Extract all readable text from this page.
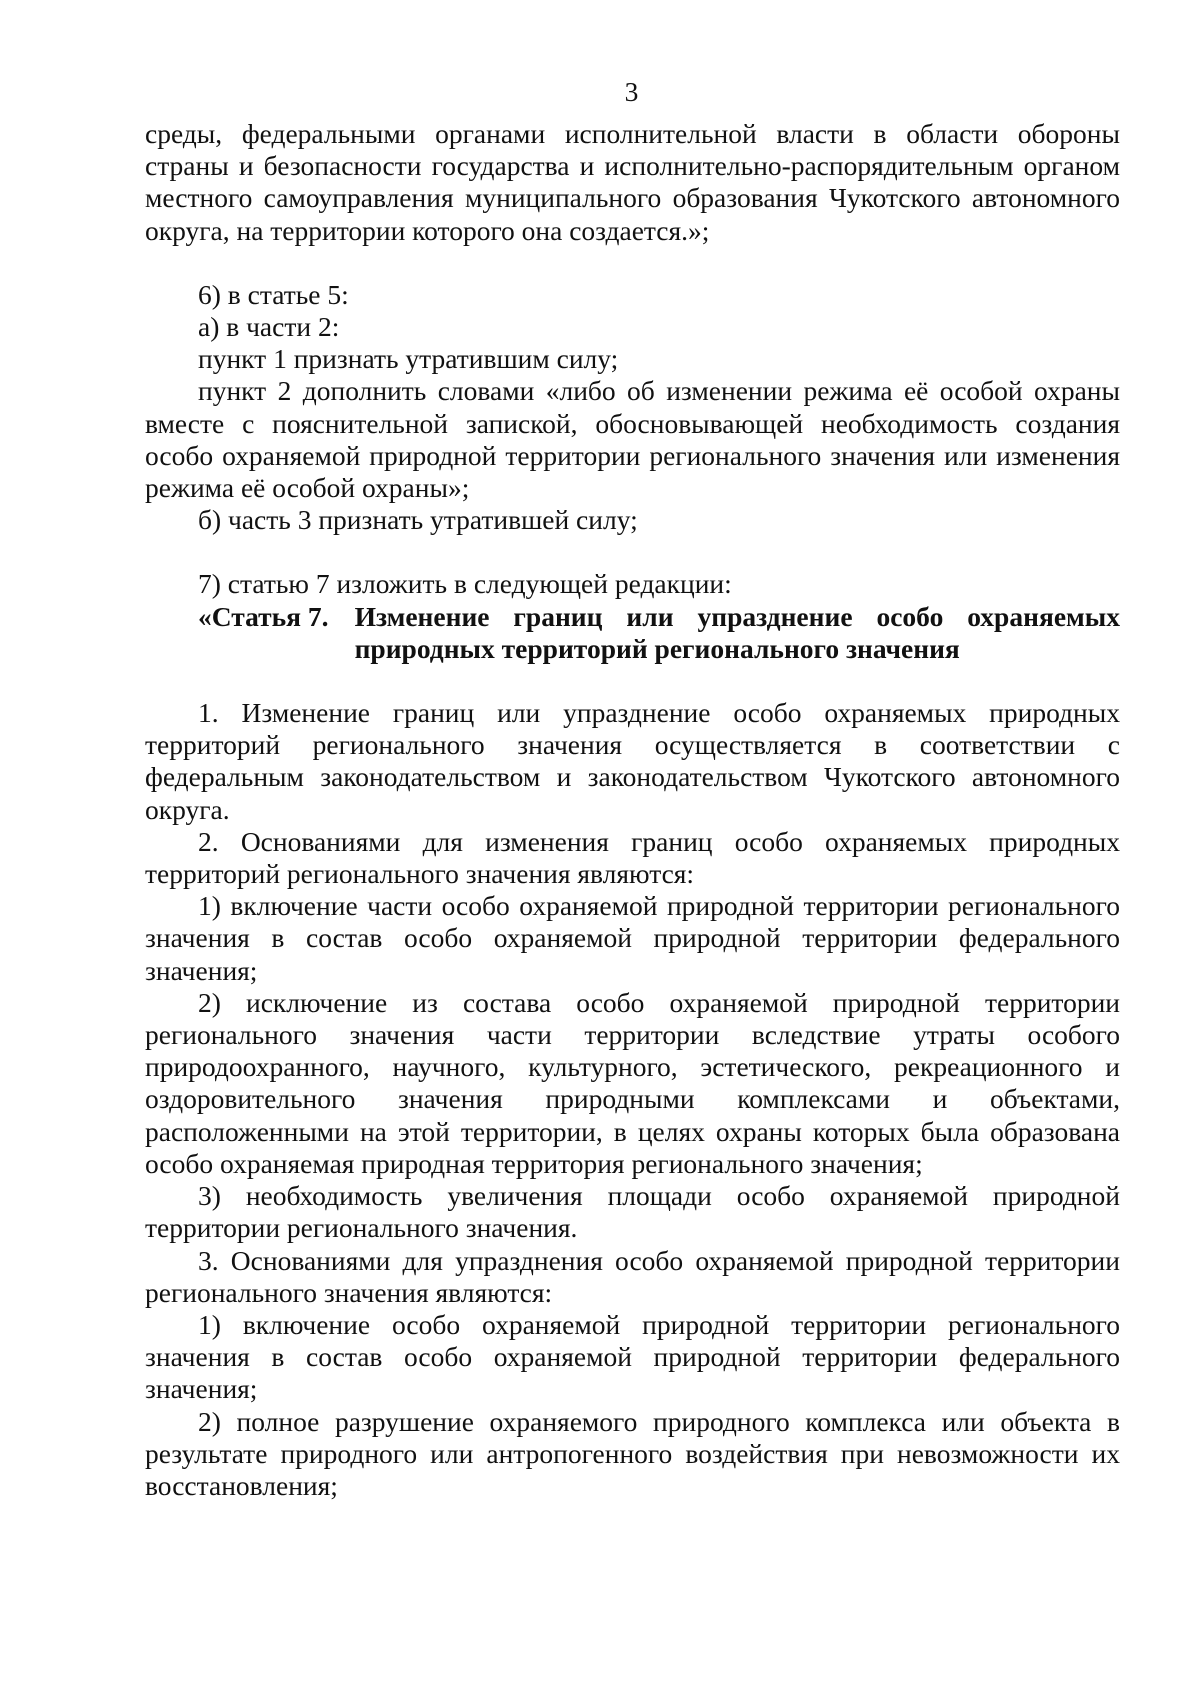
3

среды, федеральными органами исполнительной власти в области обороны страны и безопасности государства и исполнительно-распорядительным органом местного самоуправления муниципального образования Чукотского автономного округа, на территории которого она создается.»;

6) в статье 5:

а) в части 2:

пункт 1 признать утратившим силу;

пункт 2 дополнить словами «либо об изменении режима её особой охраны вместе с пояснительной запиской, обосновывающей необходимость создания особо охраняемой природной территории регионального значения или изменения режима её особой охраны»;

б) часть 3 признать утратившей силу;

7) статью 7 изложить в следующей редакции:

«Статья 7. Изменение границ или упразднение особо охраняемых
природных территорий регионального значения

1. Изменение границ или упразднение особо охраняемых природных территорий регионального значения осуществляется в соответствии с федеральным законодательством и законодательством Чукотского автономного округа.

2. Основаниями для изменения границ особо охраняемых природных территорий регионального значения являются:

1) включение части особо охраняемой природной территории регионального значения в состав особо охраняемой природной территории федерального значения;

2) исключение из состава особо охраняемой природной территории регионального значения части территории вследствие утраты особого природоохранного, научного, культурного, эстетического, рекреационного и оздоровительного значения природными комплексами и объектами, расположенными на этой территории, в целях охраны которых была образована особо охраняемая природная территория регионального значения;

3) необходимость увеличения площади особо охраняемой природной территории регионального значения.

3. Основаниями для упразднения особо охраняемой природной территории регионального значения являются:

1) включение особо охраняемой природной территории регионального значения в состав особо охраняемой природной территории федерального значения;

2) полное разрушение охраняемого природного комплекса или объекта в результате природного или антропогенного воздействия при невозможности их восстановления;
